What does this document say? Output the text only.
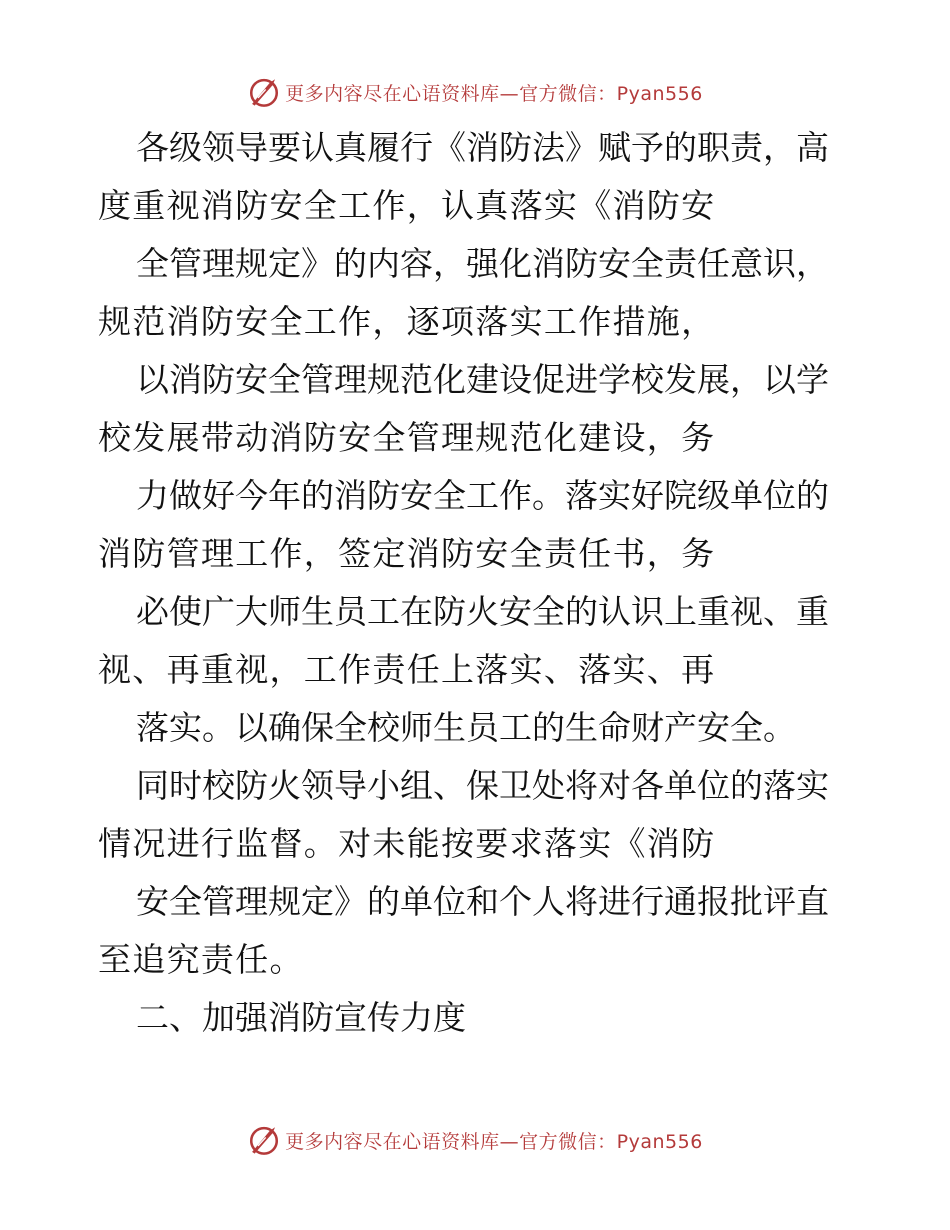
更多内容尽在心语资料库—官方微信：Pyan556
各级领导要认真履行《消防法》赋予的职责，高
度重视消防安全工作，认真落实《消防安
全管理规定》的内容，强化消防安全责任意识，
规范消防安全工作，逐项落实工作措施，
以消防安全管理规范化建设促进学校发展，以学
校发展带动消防安全管理规范化建设，务
力做好今年的消防安全工作。落实好院级单位的
消防管理工作，签定消防安全责任书，务
必使广大师生员工在防火安全的认识上重视、重
视、再重视，工作责任上落实、落实、再
落实。以确保全校师生员工的生命财产安全。
同时校防火领导小组、保卫处将对各单位的落实
情况进行监督。对未能按要求落实《消防
安全管理规定》的单位和个人将进行通报批评直
至追究责任。
二、加强消防宣传力度
更多内容尽在心语资料库—官方微信：Pyan556
